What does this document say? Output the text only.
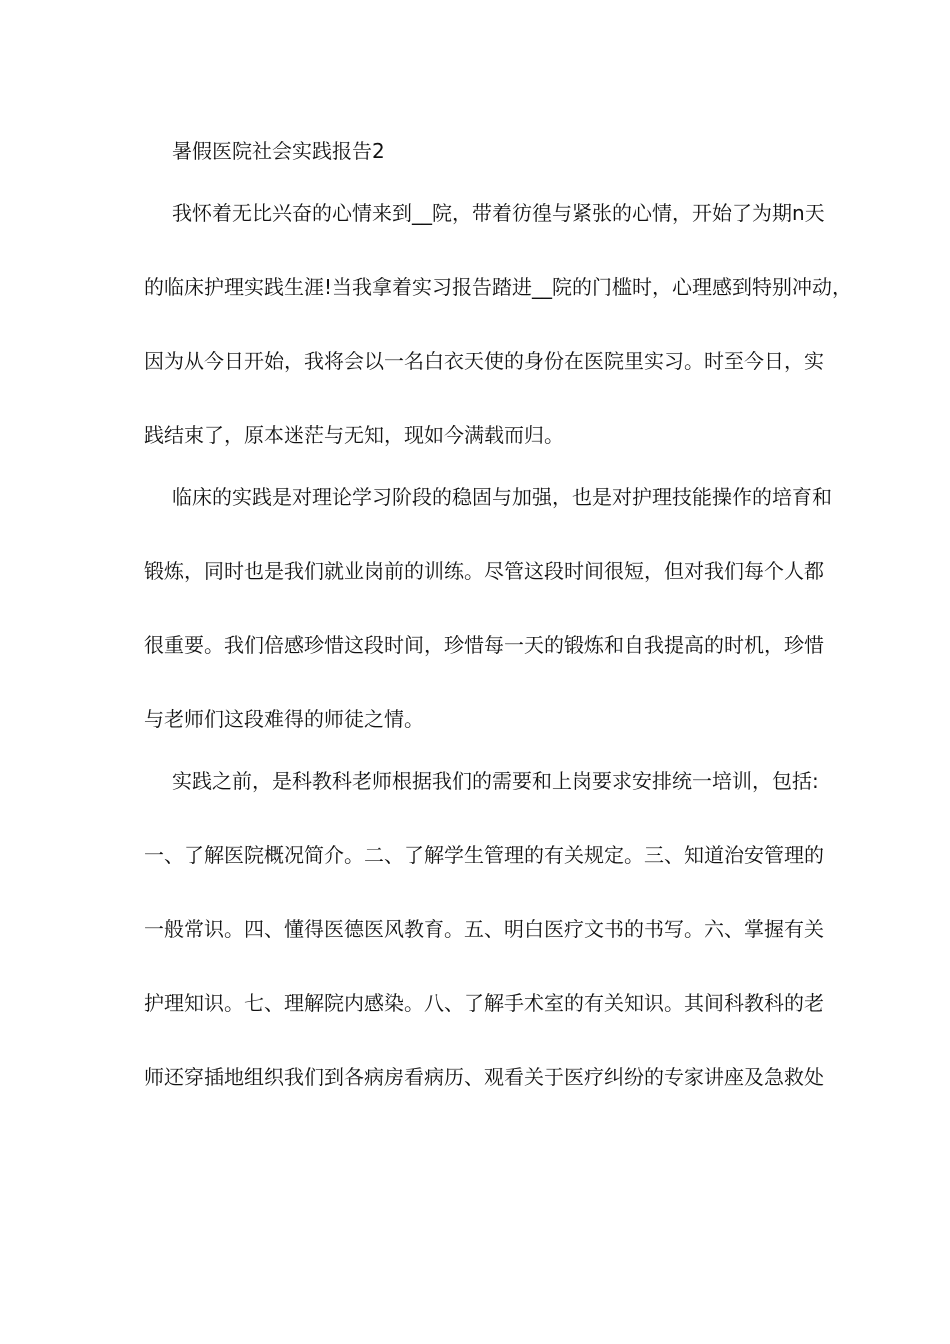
暑假医院社会实践报告2
我怀着无比兴奋的心情来到__院，带着彷徨与紧张的心情，开始了为期n天
的临床护理实践生涯!当我拿着实习报告踏进__院的门槛时，心理感到特别冲动，
因为从今日开始，我将会以一名白衣天使的身份在医院里实习。时至今日，实
践结束了，原本迷茫与无知，现如今满载而归。
临床的实践是对理论学习阶段的稳固与加强，也是对护理技能操作的培育和
锻炼，同时也是我们就业岗前的训练。尽管这段时间很短，但对我们每个人都
很重要。我们倍感珍惜这段时间，珍惜每一天的锻炼和自我提高的时机，珍惜
与老师们这段难得的师徒之情。
实践之前，是科教科老师根据我们的需要和上岗要求安排统一培训，包括:
一、了解医院概况简介。二、了解学生管理的有关规定。三、知道治安管理的
一般常识。四、懂得医德医风教育。五、明白医疗文书的书写。六、掌握有关
护理知识。七、理解院内感染。八、了解手术室的有关知识。其间科教科的老
师还穿插地组织我们到各病房看病历、观看关于医疗纠纷的专家讲座及急救处
